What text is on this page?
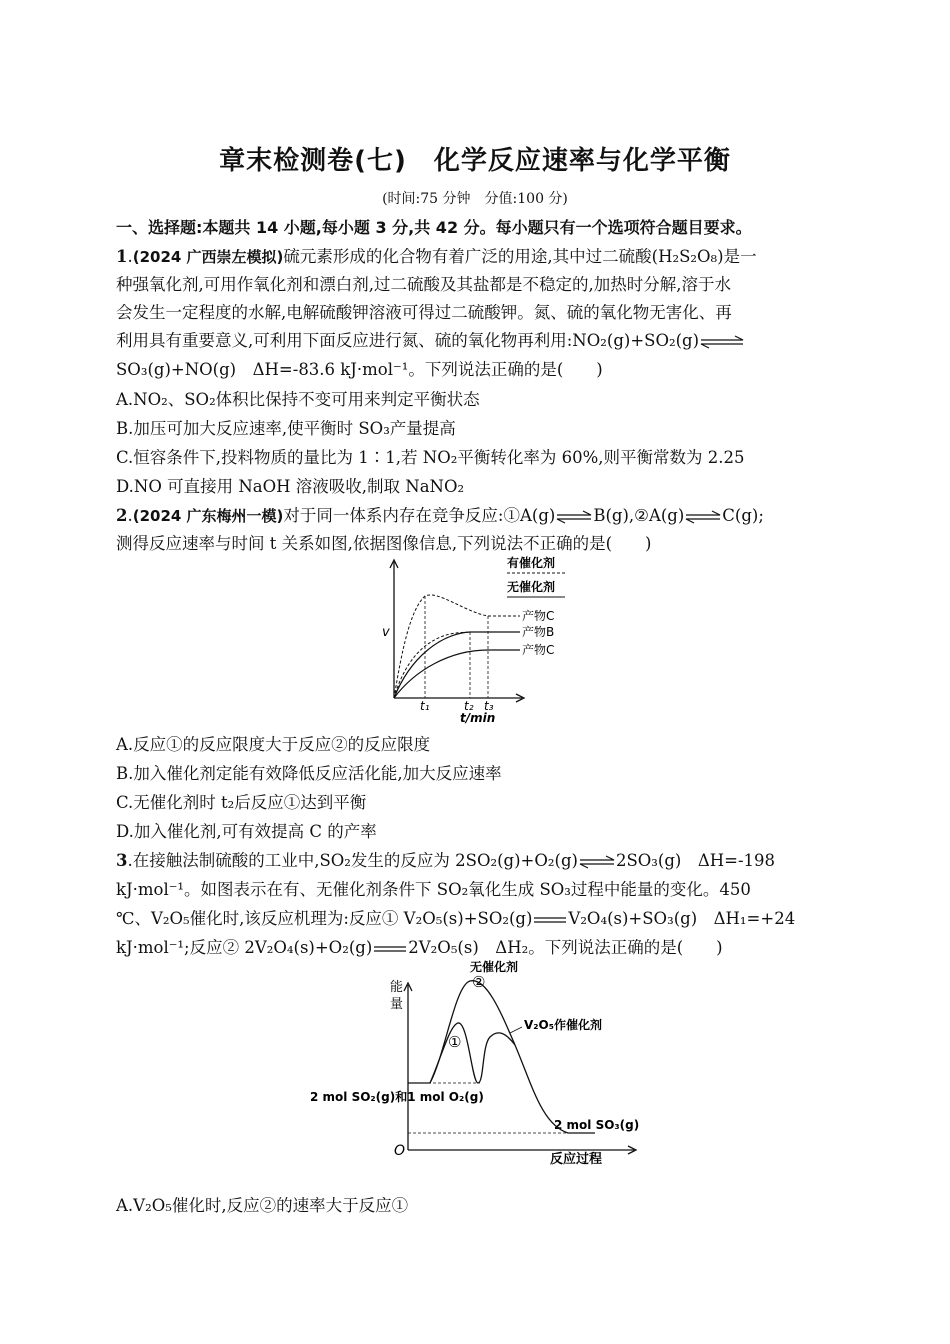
章末检测卷(七)　化学反应速率与化学平衡
(时间:75 分钟　分值:100 分)
一、选择题:本题共 14 小题,每小题 3 分,共 42 分。每小题只有一个选项符合题目要求。
1.(2024 广西崇左模拟)硫元素形成的化合物有着广泛的用途,其中过二硫酸(H₂S₂O₈)是一
种强氧化剂,可用作氧化剂和漂白剂,过二硫酸及其盐都是不稳定的,加热时分解,溶于水
会发生一定程度的水解,电解硫酸钾溶液可得过二硫酸钾。氮、硫的氧化物无害化、再
利用具有重要意义,可利用下面反应进行氮、硫的氧化物再利用:NO₂(g)+SO₂(g)⇌
SO₃(g)+NO(g)　ΔH=-83.6 kJ·mol⁻¹。下列说法正确的是(　　)
A.NO₂、SO₂体积比保持不变可用来判定平衡状态
B.加压可加大反应速率,使平衡时 SO₃产量提高
C.恒容条件下,投料物质的量比为 1∶1,若 NO₂平衡转化率为 60%,则平衡常数为 2.25
D.NO 可直接用 NaOH 溶液吸收,制取 NaNO₂
2.(2024 广东梅州一模)对于同一体系内存在竞争反应:①A(g)⇌B(g),②A(g)⇌C(g);
测得反应速率与时间 t 关系如图,依据图像信息,下列说法不正确的是(　　)
有催化剂
无催化剂
产物C
产物B
产物C
v
t₁	t₂ t₃
t/min
A.反应①的反应限度大于反应②的反应限度
B.加入催化剂定能有效降低反应活化能,加大反应速率
C.无催化剂时 t₂后反应①达到平衡
D.加入催化剂,可有效提高 C 的产率
3.在接触法制硫酸的工业中,SO₂发生的反应为 2SO₂(g)+O₂(g)⇌2SO₃(g)　ΔH=-198
kJ·mol⁻¹。如图表示在有、无催化剂条件下 SO₂氧化生成 SO₃过程中能量的变化。450
℃、V₂O₅催化时,该反应机理为:反应① V₂O₅(s)+SO₂(g) V₂O₄(s)+SO₃(g)　ΔH₁=+24
kJ·mol⁻¹;反应② 2V₂O₄(s)+O₂(g) 2V₂O₅(s)　ΔH₂。下列说法正确的是(　　)
能
量
O
反应过程
无催化剂
V₂O₅作催化剂
2 mol SO₂(g)和1 mol O₂(g)
2 mol SO₃(g)
①
②
A.V₂O₅催化时,反应②的速率大于反应①
